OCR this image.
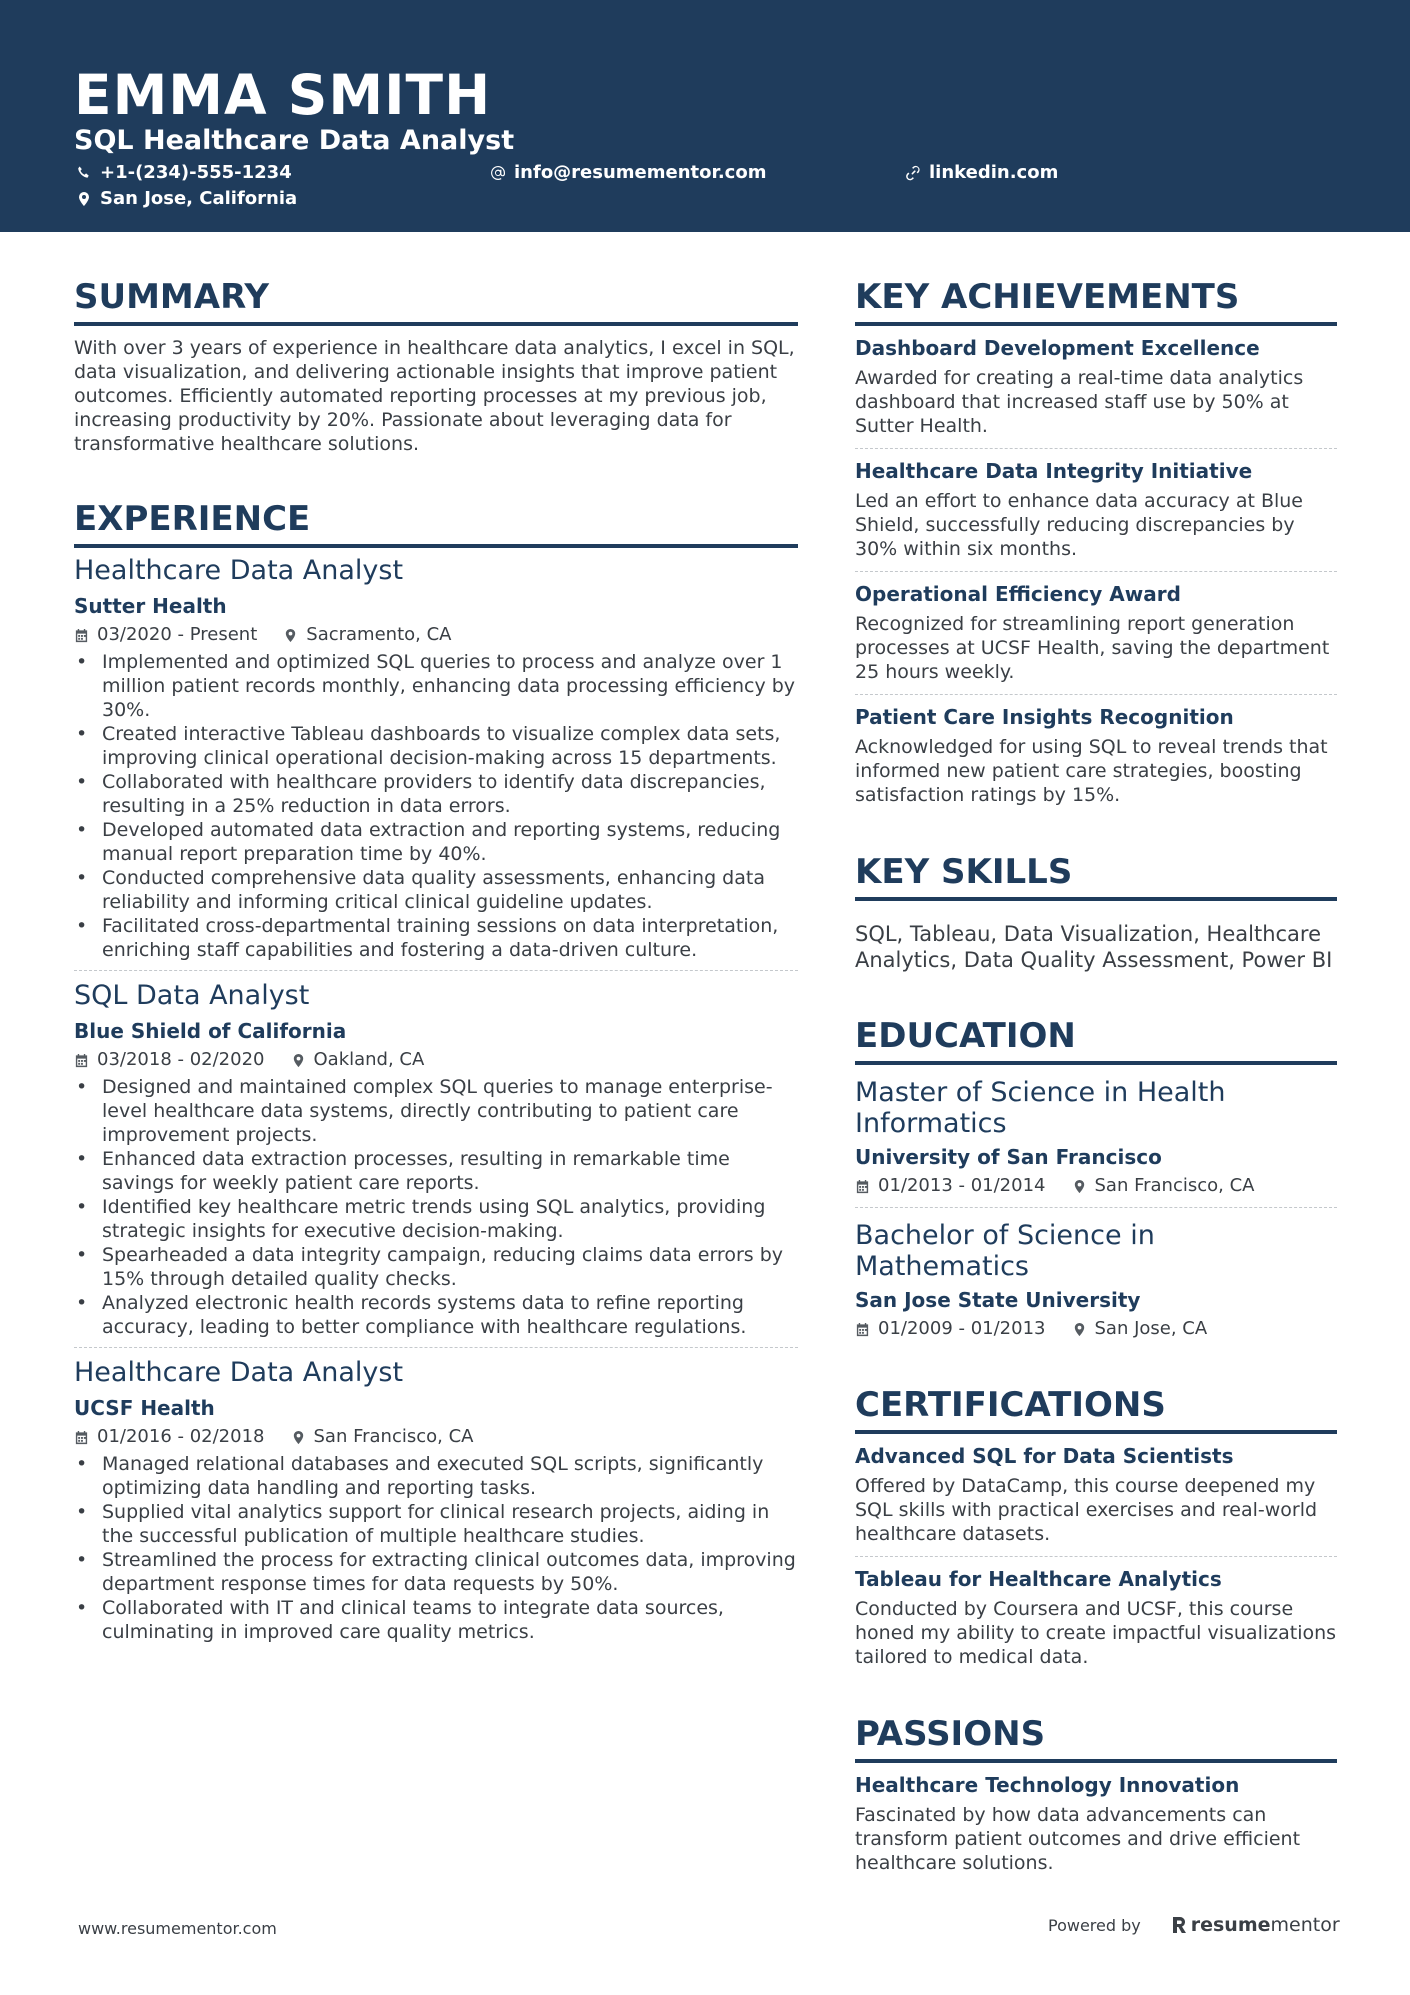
EMMA SMITH
SQL Healthcare Data Analyst
+1-(234)-555-1234	info@resumementor.com	linkedin.com
San Jose, California
SUMMARY
With over 3 years of experience in healthcare data analytics, I excel in SQL, data visualization, and delivering actionable insights that improve patient outcomes. Efficiently automated reporting processes at my previous job, increasing productivity by 20%. Passionate about leveraging data for transformative healthcare solutions.
EXPERIENCE
Healthcare Data Analyst
Sutter Health
03/2020 - Present	Sacramento, CA
• Implemented and optimized SQL queries to process and analyze over 1 million patient records monthly, enhancing data processing efficiency by 30%.
• Created interactive Tableau dashboards to visualize complex data sets, improving clinical operational decision-making across 15 departments.
• Collaborated with healthcare providers to identify data discrepancies, resulting in a 25% reduction in data errors.
• Developed automated data extraction and reporting systems, reducing manual report preparation time by 40%.
• Conducted comprehensive data quality assessments, enhancing data reliability and informing critical clinical guideline updates.
• Facilitated cross-departmental training sessions on data interpretation, enriching staff capabilities and fostering a data-driven culture.
SQL Data Analyst
Blue Shield of California
03/2018 - 02/2020	Oakland, CA
• Designed and maintained complex SQL queries to manage enterprise-level healthcare data systems, directly contributing to patient care improvement projects.
• Enhanced data extraction processes, resulting in remarkable time savings for weekly patient care reports.
• Identified key healthcare metric trends using SQL analytics, providing strategic insights for executive decision-making.
• Spearheaded a data integrity campaign, reducing claims data errors by 15% through detailed quality checks.
• Analyzed electronic health records systems data to refine reporting accuracy, leading to better compliance with healthcare regulations.
Healthcare Data Analyst
UCSF Health
01/2016 - 02/2018	San Francisco, CA
• Managed relational databases and executed SQL scripts, significantly optimizing data handling and reporting tasks.
• Supplied vital analytics support for clinical research projects, aiding in the successful publication of multiple healthcare studies.
• Streamlined the process for extracting clinical outcomes data, improving department response times for data requests by 50%.
• Collaborated with IT and clinical teams to integrate data sources, culminating in improved care quality metrics.
KEY ACHIEVEMENTS
Dashboard Development Excellence
Awarded for creating a real-time data analytics dashboard that increased staff use by 50% at Sutter Health.
Healthcare Data Integrity Initiative
Led an effort to enhance data accuracy at Blue Shield, successfully reducing discrepancies by 30% within six months.
Operational Efficiency Award
Recognized for streamlining report generation processes at UCSF Health, saving the department 25 hours weekly.
Patient Care Insights Recognition
Acknowledged for using SQL to reveal trends that informed new patient care strategies, boosting satisfaction ratings by 15%.
KEY SKILLS
SQL, Tableau, Data Visualization, Healthcare Analytics, Data Quality Assessment, Power BI
EDUCATION
Master of Science in Health Informatics
University of San Francisco
01/2013 - 01/2014	San Francisco, CA
Bachelor of Science in Mathematics
San Jose State University
01/2009 - 01/2013	San Jose, CA
CERTIFICATIONS
Advanced SQL for Data Scientists
Offered by DataCamp, this course deepened my SQL skills with practical exercises and real-world healthcare datasets.
Tableau for Healthcare Analytics
Conducted by Coursera and UCSF, this course honed my ability to create impactful visualizations tailored to medical data.
PASSIONS
Healthcare Technology Innovation
Fascinated by how data advancements can transform patient outcomes and drive efficient healthcare solutions.
www.resumementor.com	Powered by	resume mentor
